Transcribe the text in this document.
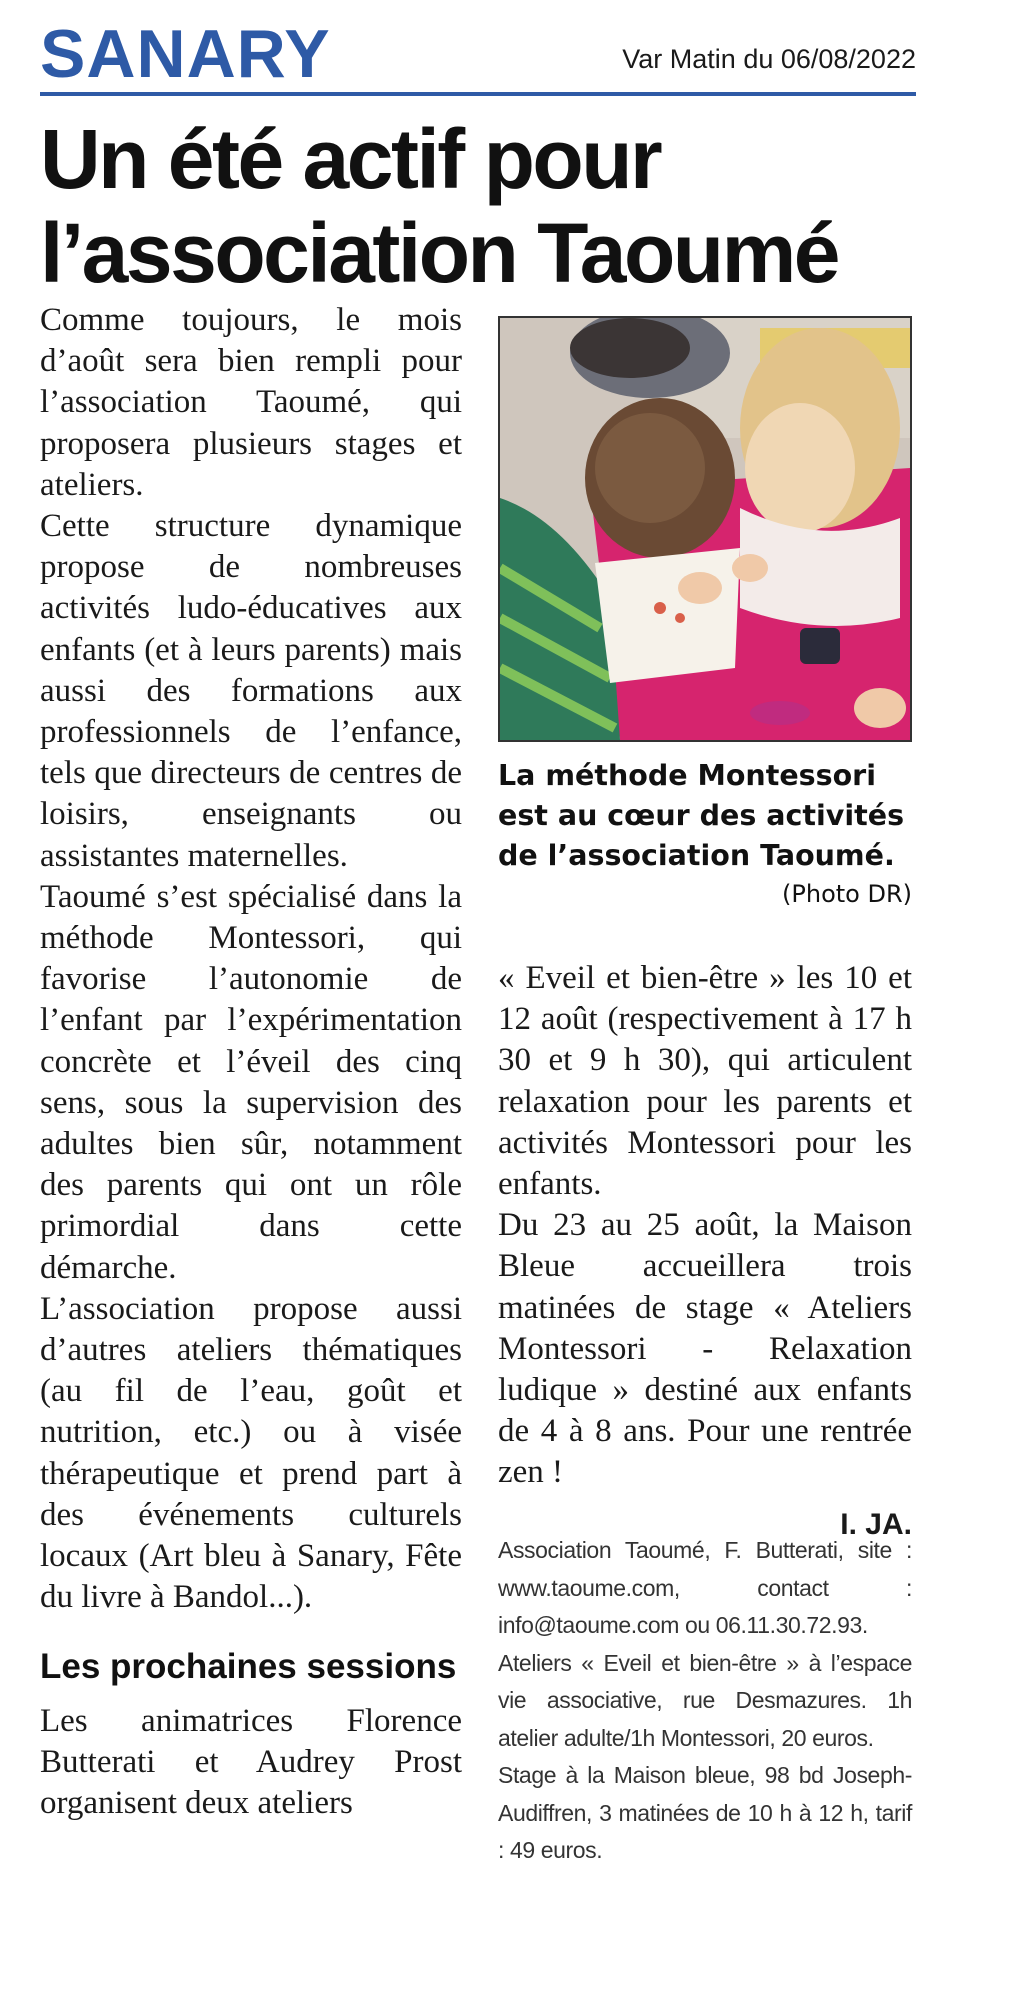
SANARY	Var Matin du 06/08/2022
Un été actif pour l’association Taoumé

Comme toujours, le mois d’août sera bien rempli pour l’association Taoumé, qui proposera plusieurs stages et ateliers.

Cette structure dynamique propose de nombreuses activités ludo-éducatives aux enfants (et à leurs parents) mais aussi des formations aux professionnels de l’enfance, tels que directeurs de centres de loisirs, enseignants ou assistantes maternelles.

Taoumé s’est spécialisé dans la méthode Montessori, qui favorise l’autonomie de l’enfant par l’expérimentation concrète et l’éveil des cinq sens, sous la supervision des adultes bien sûr, notamment des parents qui ont un rôle primordial dans cette démarche.

L’association propose aussi d’autres ateliers thématiques (au fil de l’eau, goût et nutrition, etc.) ou à visée thérapeutique et prend part à des événements culturels locaux (Art bleu à Sanary, Fête du livre à Bandol...).

Les prochaines sessions

Les animatrices Florence Butterati et Audrey Prost organisent deux ateliers

La méthode Montessori est au cœur des activités de l’association Taoumé.
(Photo DR)

« Eveil et bien-être » les 10 et 12 août (respectivement à 17 h 30 et 9 h 30), qui articulent relaxation pour les parents et activités Montessori pour les enfants.

Du 23 au 25 août, la Maison Bleue accueillera trois matinées de stage « Ateliers Montessori - Relaxation ludique » destiné aux enfants de 4 à 8 ans. Pour une rentrée zen !

I. JA.

Association Taoumé, F. Butterati, site : www.taoume.com, contact : info@taoume.com ou 06.11.30.72.93.

Ateliers « Eveil et bien-être » à l’espace vie associative, rue Desmazures. 1h atelier adulte/1h Montessori, 20 euros.

Stage à la Maison bleue, 98 bd Joseph-Audiffren, 3 matinées de 10 h à 12 h, tarif : 49 euros.
